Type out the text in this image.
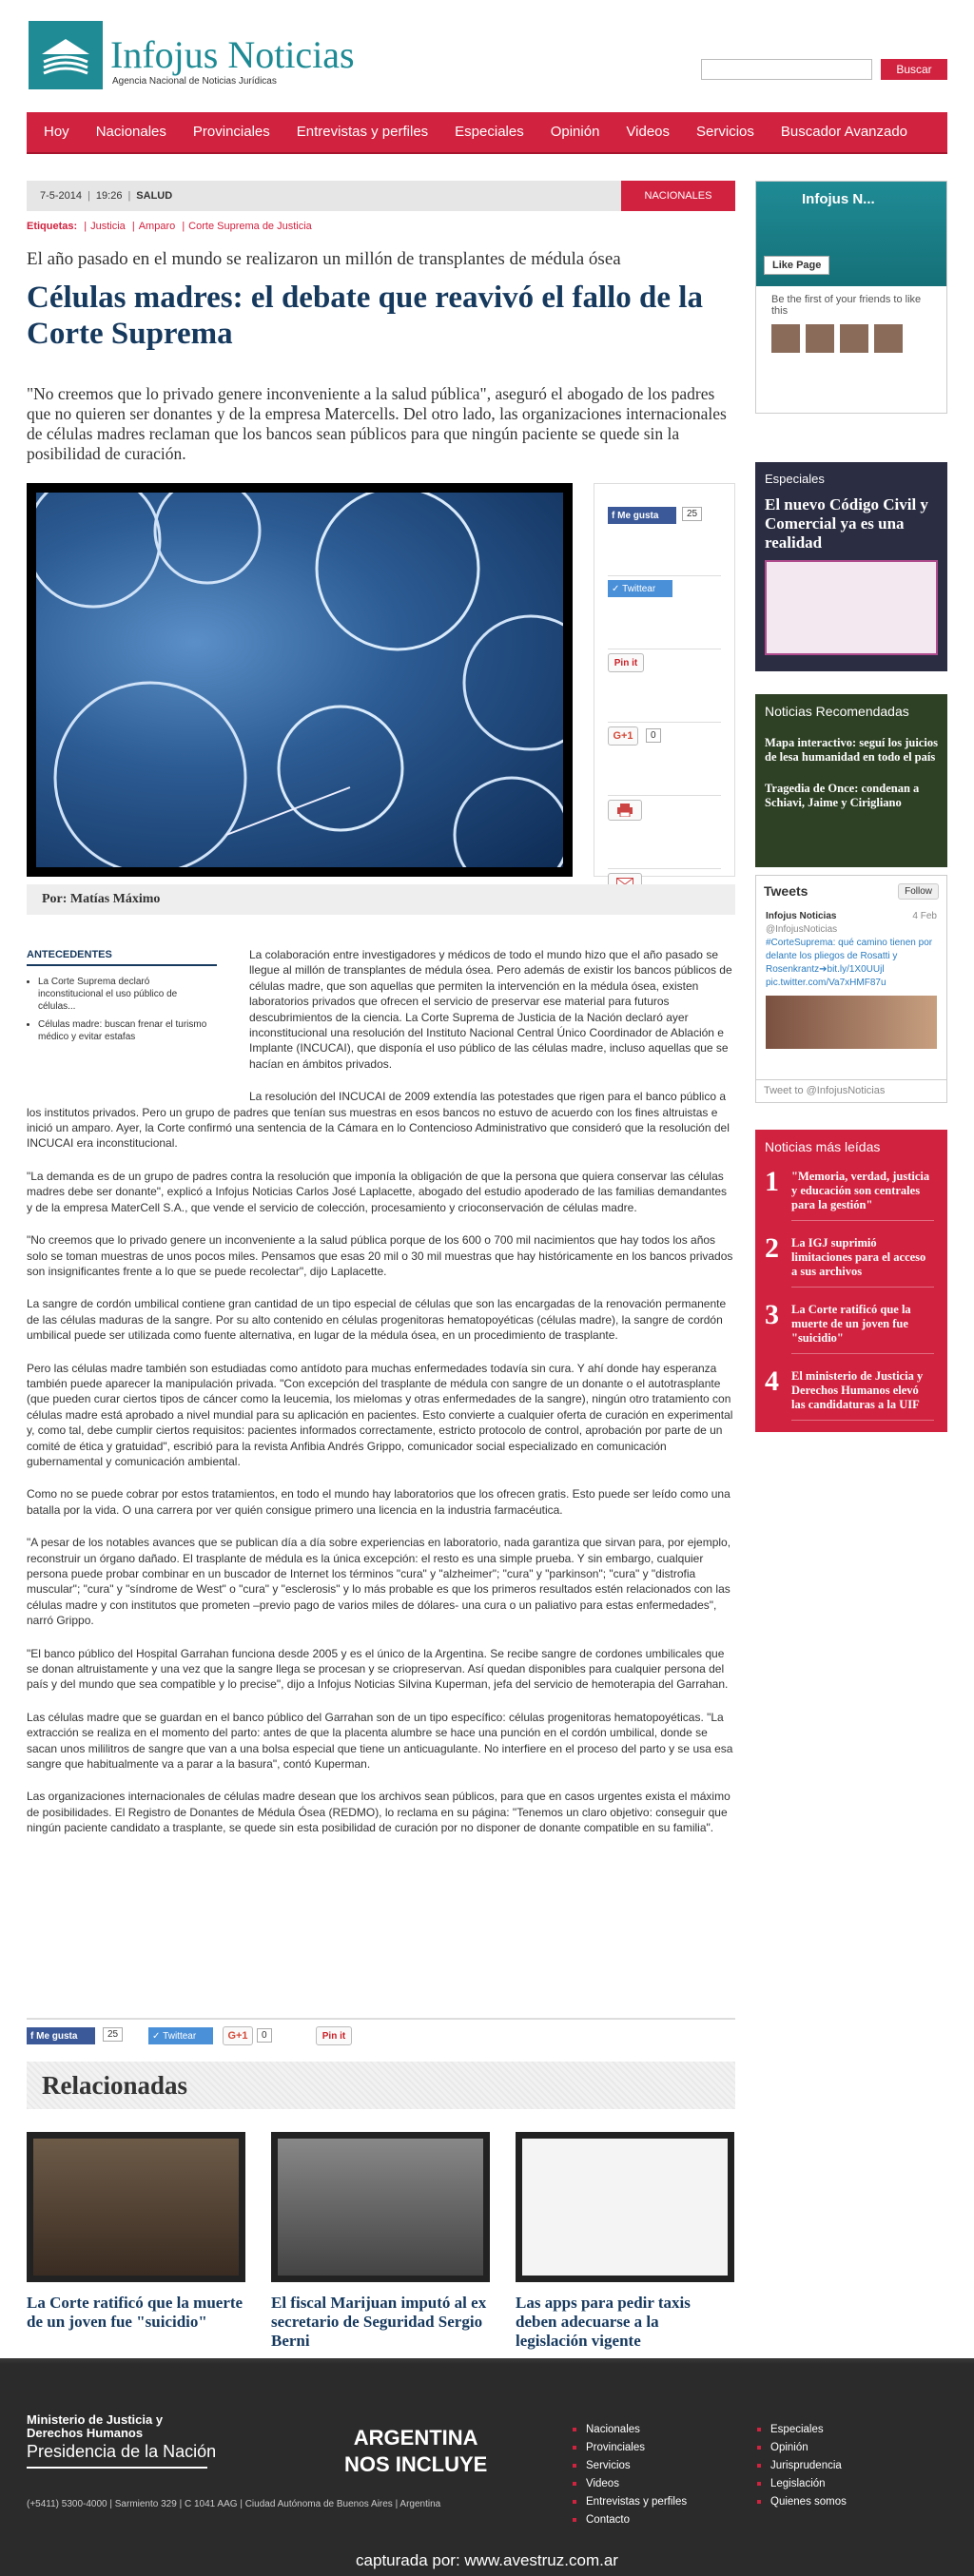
Infojus Noticias
Agencia Nacional de Noticias Jurídicas
Buscar
Hoy	Nacionales	Provinciales	Entrevistas y perfiles	Especiales	Opinión	Videos	Servicios	Buscador Avanzado
7-5-2014 | 19:26 | SALUD	NACIONALES
Etiquetas: | Justicia | Amparo | Corte Suprema de Justicia
El año pasado en el mundo se realizaron un millón de transplantes de médula ósea
Células madres: el debate que reavivó el fallo de la Corte Suprema
"No creemos que lo privado genere inconveniente a la salud pública", aseguró el abogado de los padres que no quieren ser donantes y de la empresa Matercells. Del otro lado, las organizaciones internacionales de células madres reclaman que los bancos sean públicos para que ningún paciente se quede sin la posibilidad de curación.
f Me gusta	25
✓ Twittear
Pin it
G+1	0
Por: Matías Máximo

La colaboración entre investigadores y médicos de todo el mundo hizo que el año pasado se llegue al millón de transplantes de médula ósea. Pero además de existir los bancos públicos de células madre, que son aquellas que permiten la intervención en la médula ósea, existen laboratorios privados que ofrecen el servicio de preservar ese material para futuros descubrimientos de la ciencia. La Corte Suprema de Justicia de la Nación declaró ayer inconstitucional una resolución del Instituto Nacional Central Único Coordinador de Ablación e Implante (INCUCAI), que disponía el uso público de las células madre, incluso aquellas que se hacían en ámbitos privados.

La resolución del INCUCAI de 2009 extendía las potestades que rigen para el banco público a los institutos privados. Pero un grupo de padres que tenían sus muestras en esos bancos no estuvo de acuerdo con los fines altruistas e inició un amparo. Ayer, la Corte confirmó una sentencia de la Cámara en lo Contencioso Administrativo que consideró que la resolución del INCUCAI era inconstitucional.

"La demanda es de un grupo de padres contra la resolución que imponía la obligación de que la persona que quiera conservar las células madres debe ser donante", explicó a Infojus Noticias Carlos José Laplacette, abogado del estudio apoderado de las familias demandantes y de la empresa MaterCell S.A., que vende el servicio de colección, procesamiento y crioconservación de células madre.

"No creemos que lo privado genere un inconveniente a la salud pública porque de los 600 o 700 mil nacimientos que hay todos los años solo se toman muestras de unos pocos miles. Pensamos que esas 20 mil o 30 mil muestras que hay históricamente en los bancos privados son insignificantes frente a lo que se puede recolectar", dijo Laplacette.

La sangre de cordón umbilical contiene gran cantidad de un tipo especial de células que son las encargadas de la renovación permanente de las células maduras de la sangre. Por su alto contenido en células progenitoras hematopoyéticas (células madre), la sangre de cordón umbilical puede ser utilizada como fuente alternativa, en lugar de la médula ósea, en un procedimiento de trasplante.

Pero las células madre también son estudiadas como antídoto para muchas enfermedades todavía sin cura. Y ahí donde hay esperanza también puede aparecer la manipulación privada. "Con excepción del trasplante de médula con sangre de un donante o el autotrasplante (que pueden curar ciertos tipos de cáncer como la leucemia, los mielomas y otras enfermedades de la sangre), ningún otro tratamiento con células madre está aprobado a nivel mundial para su aplicación en pacientes. Esto convierte a cualquier oferta de curación en experimental y, como tal, debe cumplir ciertos requisitos: pacientes informados correctamente, estricto protocolo de control, aprobación por parte de un comité de ética y gratuidad", escribió para la revista Anfibia Andrés Grippo, comunicador social especializado en comunicación gubernamental y comunicación ambiental.

Como no se puede cobrar por estos tratamientos, en todo el mundo hay laboratorios que los ofrecen gratis. Esto puede ser leído como una batalla por la vida. O una carrera por ver quién consigue primero una licencia en la industria farmacéutica.

"A pesar de los notables avances que se publican día a día sobre experiencias en laboratorio, nada garantiza que sirvan para, por ejemplo, reconstruir un órgano dañado. El trasplante de médula es la única excepción: el resto es una simple prueba. Y sin embargo, cualquier persona puede probar combinar en un buscador de Internet los términos "cura" y "alzheimer"; "cura" y "parkinson"; "cura" y "distrofia muscular"; "cura" y "síndrome de West" o "cura" y "esclerosis" y lo más probable es que los primeros resultados estén relacionados con las células madre y con institutos que prometen –previo pago de varios miles de dólares- una cura o un paliativo para estas enfermedades", narró Grippo.

"El banco público del Hospital Garrahan funciona desde 2005 y es el único de la Argentina. Se recibe sangre de cordones umbilicales que se donan altruistamente y una vez que la sangre llega se procesan y se criopreservan. Así quedan disponibles para cualquier persona del país y del mundo que sea compatible y lo precise", dijo a Infojus Noticias Silvina Kuperman, jefa del servicio de hemoterapia del Garrahan.

Las células madre que se guardan en el banco público del Garrahan son de un tipo específico: células progenitoras hematopoyéticas. "La extracción se realiza en el momento del parto: antes de que la placenta alumbre se hace una punción en el cordón umbilical, donde se sacan unos mililitros de sangre que van a una bolsa especial que tiene un anticuagulante. No interfiere en el proceso del parto y se usa esa sangre que habitualmente va a parar a la basura", contó Kuperman.

Las organizaciones internacionales de células madre desean que los archivos sean públicos, para que en casos urgentes exista el máximo de posibilidades. El Registro de Donantes de Médula Ósea (REDMO), lo reclama en su página: "Tenemos un claro objetivo: conseguir que ningún paciente candidato a trasplante, se quede sin esta posibilidad de curación por no disponer de donante compatible en su familia".

ANTECEDENTES
• La Corte Suprema declaró inconstitucional el uso público de células...
• Células madre: buscan frenar el turismo médico y evitar estafas
f Me gusta	25	✓ Twittear	G+1	0	Pin it
Relacionadas
La Corte ratificó que la muerte de un joven fue "suicidio"
El fiscal Marijuan imputó al ex secretario de Seguridad Sergio Berni
Las apps para pedir taxis deben adecuarse a la legislación vigente
Infojus N...
Like Page
Be the first of your friends to like this
Especiales
El nuevo Código Civil y Comercial ya es una realidad
Noticias Recomendadas
Mapa interactivo: seguí los juicios de lesa humanidad en todo el país
Tragedia de Once: condenan a Schiavi, Jaime y Cirigliano
Tweets	Follow
Infojus Noticias	4 Feb

@InfojusNoticias
#CorteSuprema: qué camino tienen por delante los pliegos de Rosatti y Rosenkrantz➔bit.ly/1X0UUjl pic.twitter.com/Va7xHMF87u
Tweet to @InfojusNoticias
Noticias más leídas
1	"Memoria, verdad, justicia y educación son centrales para la gestión"
2	La IGJ suprimió limitaciones para el acceso a sus archivos
3	La Corte ratificó que la muerte de un joven fue "suicidio"
4	El ministerio de Justicia y Derechos Humanos elevó las candidaturas a la UIF
Ministerio de Justicia y Derechos Humanos
Presidencia de la Nación
(+5411) 5300-4000 | Sarmiento 329 | C 1041 AAG | Ciudad Autónoma de Buenos Aires | Argentina
ARGENTINA
NOS INCLUYE
Nacionales
Provinciales
Servicios
Videos
Entrevistas y perfiles
Contacto
Especiales
Opinión
Jurisprudencia
Legislación
Quienes somos
capturada por: www.avestruz.com.ar
